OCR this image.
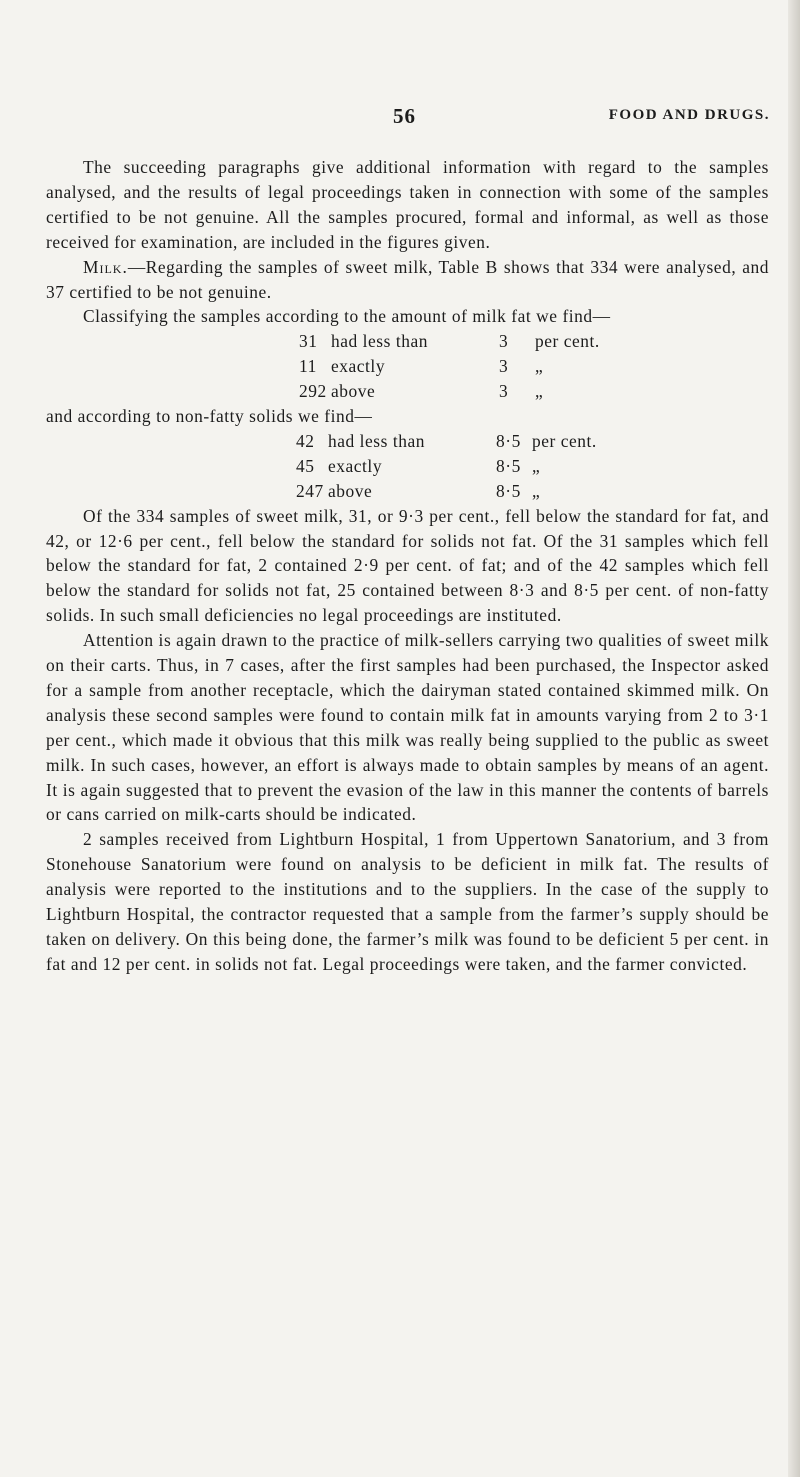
56	FOOD AND DRUGS.

The succeeding paragraphs give additional information with regard to the samples analysed, and the results of legal proceedings taken in connection with some of the samples certified to be not genuine. All the samples procured, formal and informal, as well as those received for examination, are included in the figures given.

Milk.—Regarding the samples of sweet milk, Table B shows that 334 were analysed, and 37 certified to be not genuine.

Classifying the samples according to the amount of milk fat we find—

31 had less than	3	per cent.
11 exactly	3	„
292 above	3	„

and according to non-fatty solids we find—

42 had less than	8·5 per cent.
45 exactly	8·5 „
247 above	8·5 „

Of the 334 samples of sweet milk, 31, or 9·3 per cent., fell below the standard for fat, and 42, or 12·6 per cent., fell below the standard for solids not fat. Of the 31 samples which fell below the standard for fat, 2 contained 2·9 per cent. of fat; and of the 42 samples which fell below the standard for solids not fat, 25 contained between 8·3 and 8·5 per cent. of non-fatty solids. In such small deficiencies no legal proceedings are instituted.

Attention is again drawn to the practice of milk-sellers carrying two qualities of sweet milk on their carts. Thus, in 7 cases, after the first samples had been purchased, the Inspector asked for a sample from another receptacle, which the dairyman stated contained skimmed milk. On analysis these second samples were found to contain milk fat in amounts varying from 2 to 3·1 per cent., which made it obvious that this milk was really being supplied to the public as sweet milk. In such cases, however, an effort is always made to obtain samples by means of an agent. It is again suggested that to prevent the evasion of the law in this manner the contents of barrels or cans carried on milk-carts should be indicated.

2 samples received from Lightburn Hospital, 1 from Uppertown Sanatorium, and 3 from Stonehouse Sanatorium were found on analysis to be deficient in milk fat. The results of analysis were reported to the institutions and to the suppliers. In the case of the supply to Lightburn Hospital, the contractor requested that a sample from the farmer’s supply should be taken on delivery. On this being done, the farmer’s milk was found to be deficient 5 per cent. in fat and 12 per cent. in solids not fat. Legal proceedings were taken, and the farmer convicted.
